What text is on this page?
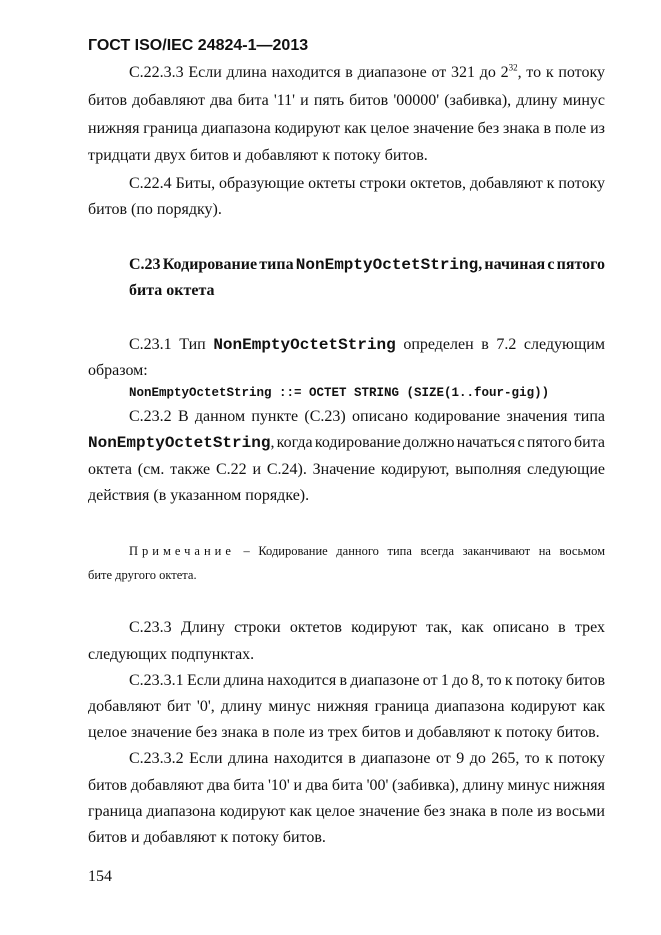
ГОСТ ISO/IEC 24824-1—2013
С.22.3.3 Если длина находится в диапазоне от 321 до $2^{32}$, то к потоку
битов добавляют два бита '11' и пять битов '00000' (забивка), длину минус
нижняя граница диапазона кодируют как целое значение без знака в поле из
тридцати двух битов и добавляют к потоку битов.
С.22.4 Биты, образующие октеты строки октетов, добавляют к потоку
битов (по порядку).
С.23 Кодирование типа NonEmptyOctetString, начиная с пятого
бита октета
С.23.1 Тип NonEmptyOctetString определен в 7.2 следующим
образом:
NonEmptyOctetString ::= OCTET STRING (SIZE(1..four-gig))
С.23.2 В данном пункте (С.23) описано кодирование значения типа
NonEmptyOctetString, когда кодирование должно начаться с пятого бита
октета (см. также С.22 и С.24). Значение кодируют, выполняя следующие
действия (в указанном порядке).
Примечание – Кодирование данного типа всегда заканчивают на восьмом
бите другого октета.
С.23.3 Длину строки октетов кодируют так, как описано в трех
следующих подпунктах.
С.23.3.1 Если длина находится в диапазоне от 1 до 8, то к потоку битов
добавляют бит '0', длину минус нижняя граница диапазона кодируют как
целое значение без знака в поле из трех битов и добавляют к потоку битов.
С.23.3.2 Если длина находится в диапазоне от 9 до 265, то к потоку
битов добавляют два бита '10' и два бита '00' (забивка), длину минус нижняя
граница диапазона кодируют как целое значение без знака в поле из восьми
битов и добавляют к потоку битов.
154
